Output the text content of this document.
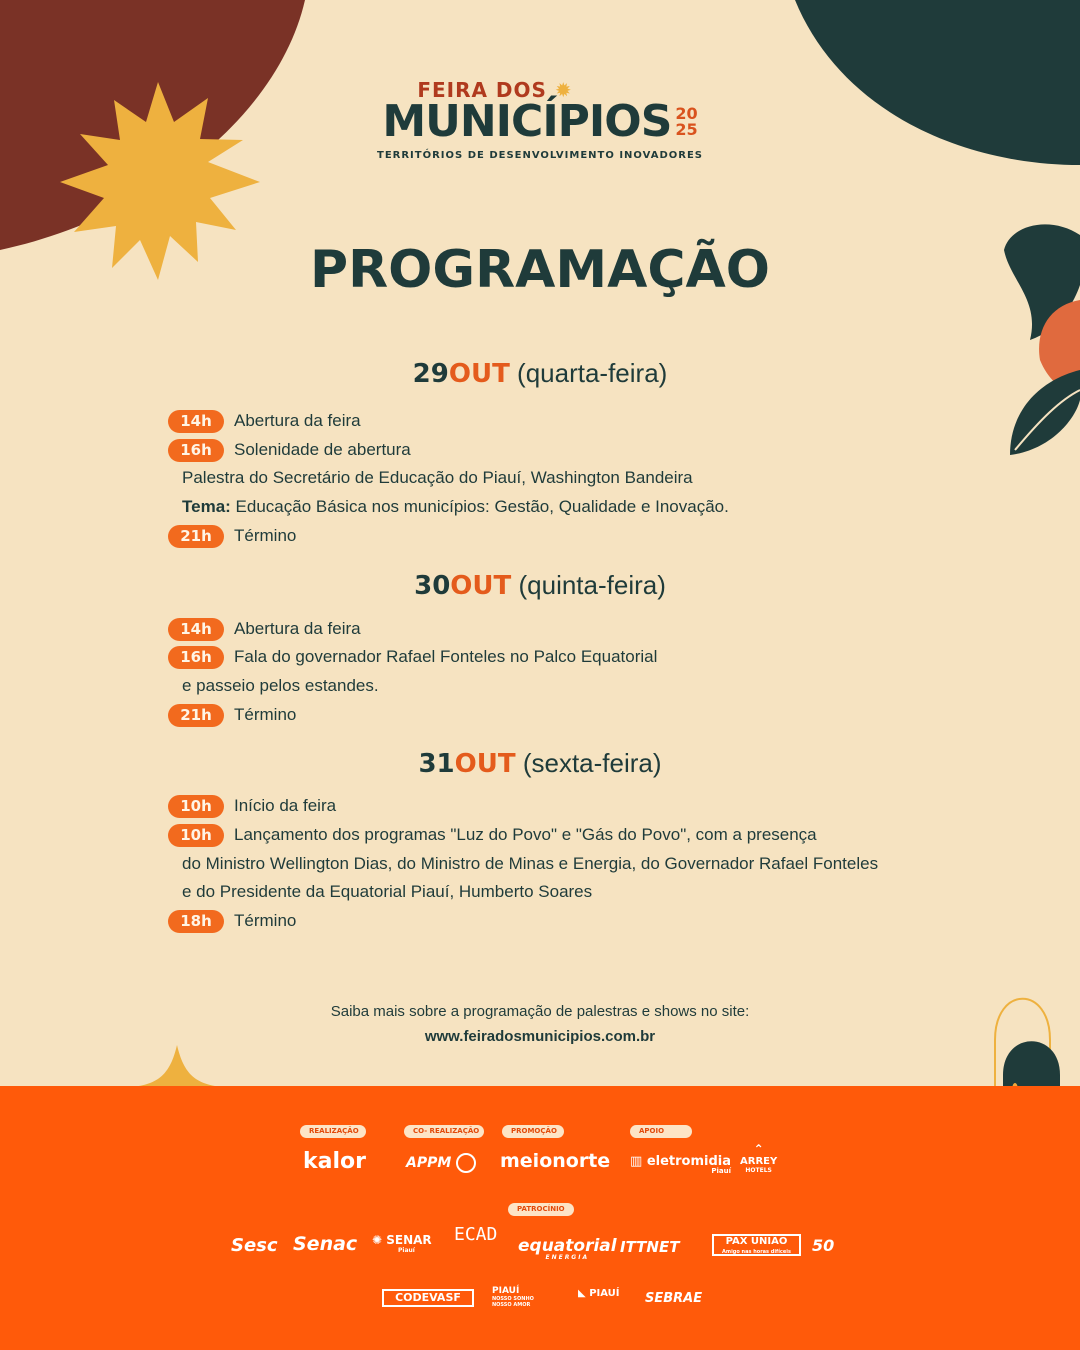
FEIRA DOS ✹
MUNICÍPIOS 20
25
TERRITÓRIOS DE DESENVOLVIMENTO INOVADORES
PROGRAMAÇÃO
29OUT (quarta-feira)
14h	Abertura da feira
16h	Solenidade de abertura
Palestra do Secretário de Educação do Piauí, Washington Bandeira
Tema: Educação Básica nos municípios: Gestão, Qualidade e Inovação.
21h	Término
30OUT (quinta-feira)
14h	Abertura da feira
16h	Fala do governador Rafael Fonteles no Palco Equatorial
e passeio pelos estandes.
21h	Término
31OUT (sexta-feira)
10h	Início da feira
10h	Lançamento dos programas "Luz do Povo" e "Gás do Povo", com a presença
do Ministro Wellington Dias, do Ministro de Minas e Energia, do Governador Rafael Fonteles
e do Presidente da Equatorial Piauí, Humberto Soares
18h	Término
Saiba mais sobre a programação de palestras e shows no site:
www.feiradosmunicipios.com.br
REALIZAÇÃO	CO- REALIZAÇÃO	PROMOÇÃO	APOIO
PATROCÍNIO
kalor	APPM	meionorte ▥ eletromidia
Piauí
⌃
ARREY
HOTELS
Sesc Senac ✺ SENAR
Piauí
ECAD
equatorial
ENERGIA
ITTNET	PAX UNIÃO
Amigo nas horas difíceis	50
CODEVASF	PIAUÍ
NOSSO SONHO NOSSO AMOR
◣ PIAUÍ SEBRAE
